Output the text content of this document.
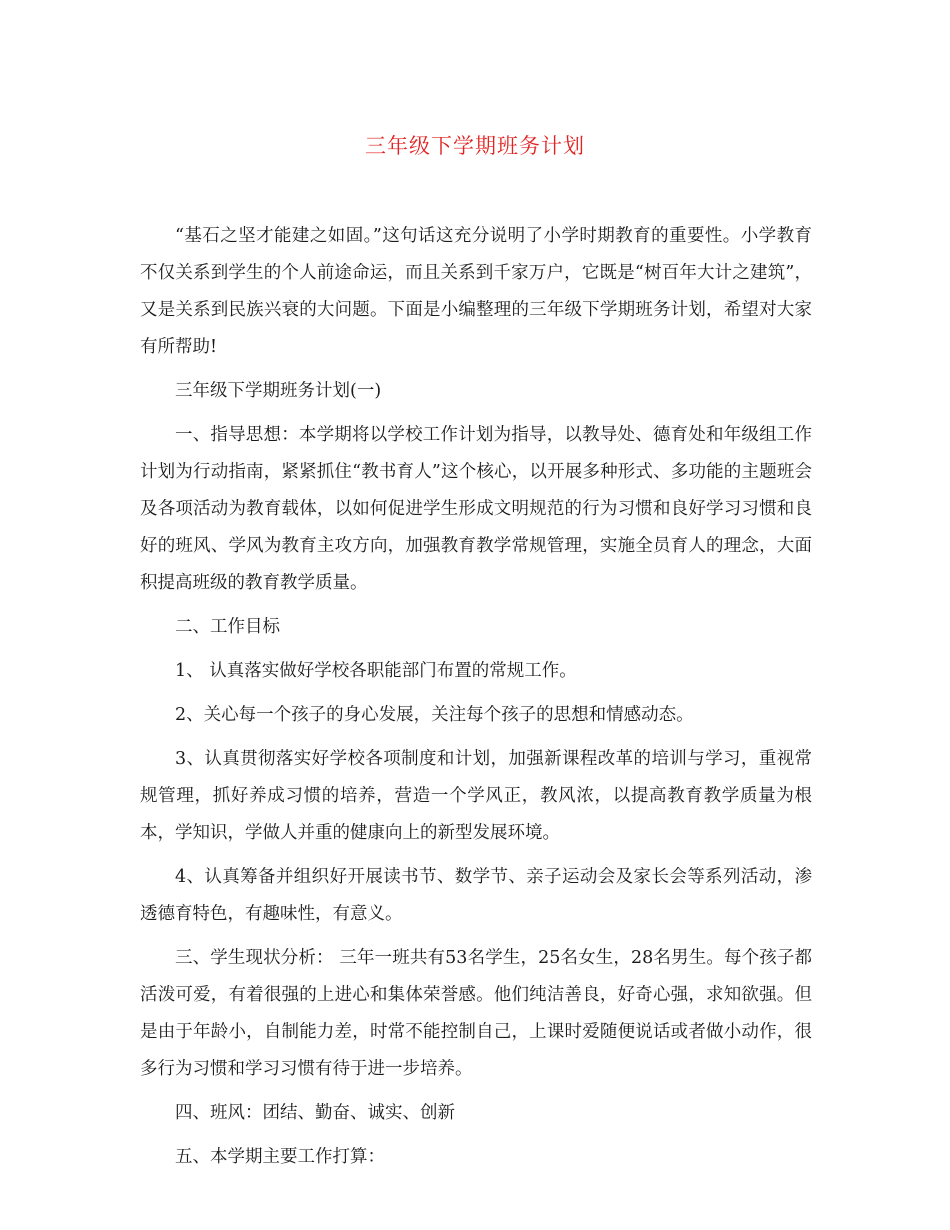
三年级下学期班务计划

“基石之坚才能建之如固。”这句话这充分说明了小学时期教育的重要性。小学教育不仅关系到学生的个人前途命运，而且关系到千家万户，它既是“树百年大计之建筑”，又是关系到民族兴衰的大问题。下面是小编整理的三年级下学期班务计划，希望对大家有所帮助!

三年级下学期班务计划(一)

一、指导思想：本学期将以学校工作计划为指导，以教导处、德育处和年级组工作计划为行动指南，紧紧抓住“教书育人”这个核心，以开展多种形式、多功能的主题班会及各项活动为教育载体，以如何促进学生形成文明规范的行为习惯和良好学习习惯和良好的班风、学风为教育主攻方向，加强教育教学常规管理，实施全员育人的理念，大面积提高班级的教育教学质量。

二、工作目标

1、 认真落实做好学校各职能部门布置的常规工作。

2、关心每一个孩子的身心发展，关注每个孩子的思想和情感动态。

3、认真贯彻落实好学校各项制度和计划，加强新课程改革的培训与学习，重视常规管理，抓好养成习惯的培养，营造一个学风正，教风浓，以提高教育教学质量为根本，学知识，学做人并重的健康向上的新型发展环境。

4、认真筹备并组织好开展读书节、数学节、亲子运动会及家长会等系列活动，渗透德育特色，有趣味性，有意义。

三、学生现状分析： 三年一班共有53名学生，25名女生，28名男生。每个孩子都活泼可爱，有着很强的上进心和集体荣誉感。他们纯洁善良，好奇心强，求知欲强。但是由于年龄小，自制能力差，时常不能控制自己，上课时爱随便说话或者做小动作，很多行为习惯和学习习惯有待于进一步培养。

四、班风：团结、勤奋、诚实、创新

五、本学期主要工作打算：
